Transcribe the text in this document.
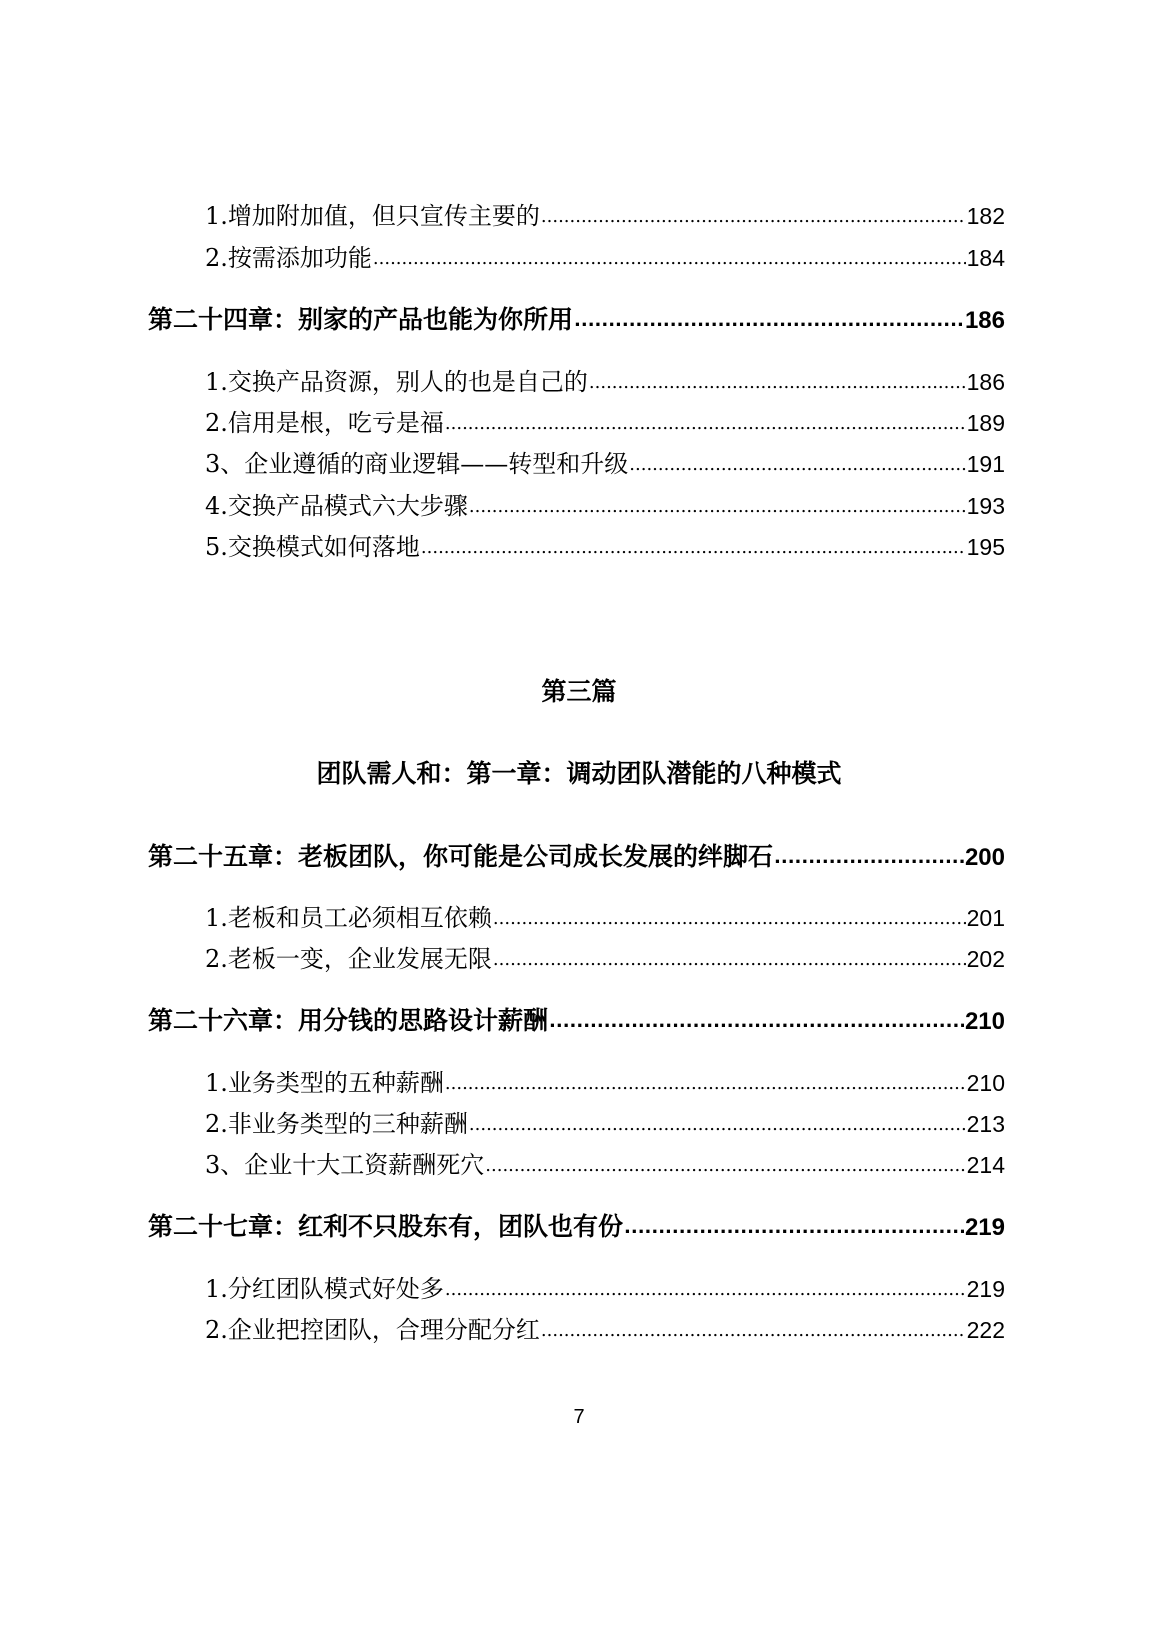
1.增加附加值，但只宣传主要的 .....	182
2.按需添加功能 .....	184
第二十四章：别家的产品也能为你所用 .....	186
1.交换产品资源，别人的也是自己的 .....	186
2.信用是根，吃亏是福 .....	189
3、企业遵循的商业逻辑——转型和升级 .....	191
4.交换产品模式六大步骤 .....	193
5.交换模式如何落地 .....	195
第三篇
团队需人和：第一章：调动团队潜能的八种模式
第二十五章：老板团队，你可能是公司成长发展的绊脚石 .....	200
1.老板和员工必须相互依赖 .....	201
2.老板一变，企业发展无限 .....	202
第二十六章：用分钱的思路设计薪酬 .....	210
1.业务类型的五种薪酬 .....	210
2.非业务类型的三种薪酬 .....	213
3、企业十大工资薪酬死穴 .....	214
第二十七章：红利不只股东有，团队也有份 .....	219
1.分红团队模式好处多 .....	219
2.企业把控团队，合理分配分红 .....	222
7
